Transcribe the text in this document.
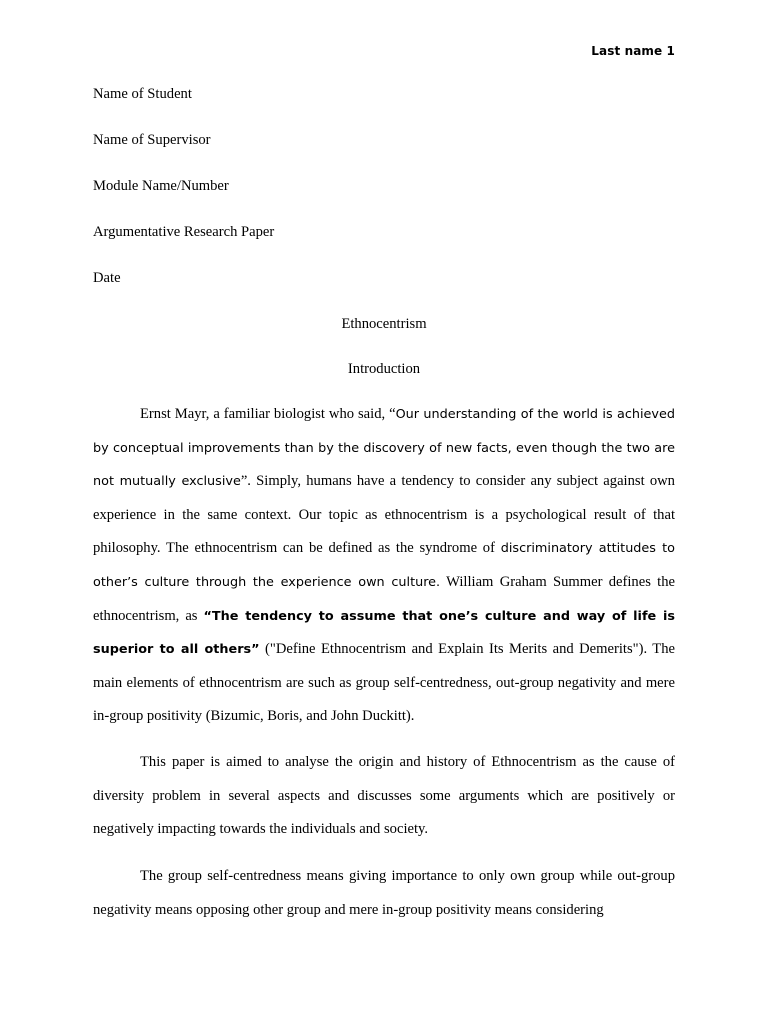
Last name 1
Name of Student
Name of Supervisor
Module Name/Number
Argumentative Research Paper
Date
Ethnocentrism
Introduction

Ernst Mayr, a familiar biologist who said, “Our understanding of the world is achieved by conceptual improvements than by the discovery of new facts, even though the two are not mutually exclusive”. Simply, humans have a tendency to consider any subject against own experience in the same context. Our topic as ethnocentrism is a psychological result of that philosophy. The ethnocentrism can be defined as the syndrome of discriminatory attitudes to other’s culture through the experience own culture. William Graham Summer defines the ethnocentrism, as “The tendency to assume that one’s culture and way of life is superior to all others” ("Define Ethnocentrism and Explain Its Merits and Demerits"). The main elements of ethnocentrism are such as group self-centredness, out-group negativity and mere in-group positivity (Bizumic, Boris, and John Duckitt).

This paper is aimed to analyse the origin and history of Ethnocentrism as the cause of diversity problem in several aspects and discusses some arguments which are positively or negatively impacting towards the individuals and society.

The group self-centredness means giving importance to only own group while out-group negativity means opposing other group and mere in-group positivity means considering
